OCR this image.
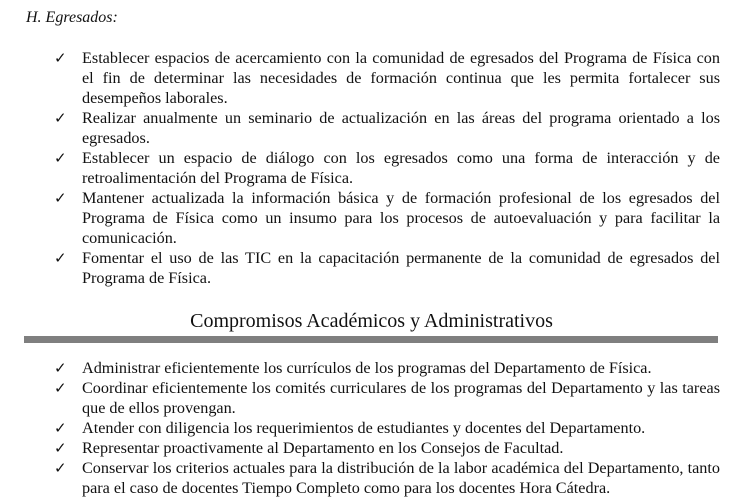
H. Egresados:
✓ Establecer espacios de acercamiento con la comunidad de egresados del Programa de Física con el fin de determinar las necesidades de formación continua que les permita fortalecer sus desempeños laborales.
✓ Realizar anualmente un seminario de actualización en las áreas del programa orientado a los egresados.
✓ Establecer un espacio de diálogo con los egresados como una forma de interacción y de retroalimentación del Programa de Física.
✓ Mantener actualizada la información básica y de formación profesional de los egresados del Programa de Física como un insumo para los procesos de autoevaluación y para facilitar la comunicación.
✓ Fomentar el uso de las TIC en la capacitación permanente de la comunidad de egresados del Programa de Física.
Compromisos Académicos y Administrativos
✓ Administrar eficientemente los currículos de los programas del Departamento de Física.
✓ Coordinar eficientemente los comités curriculares de los programas del Departamento y las tareas que de ellos provengan.
✓ Atender con diligencia los requerimientos de estudiantes y docentes del Departamento.
✓ Representar proactivamente al Departamento en los Consejos de Facultad.
✓ Conservar los criterios actuales para la distribución de la labor académica del Departamento, tanto para el caso de docentes Tiempo Completo como para los docentes Hora Cátedra.
